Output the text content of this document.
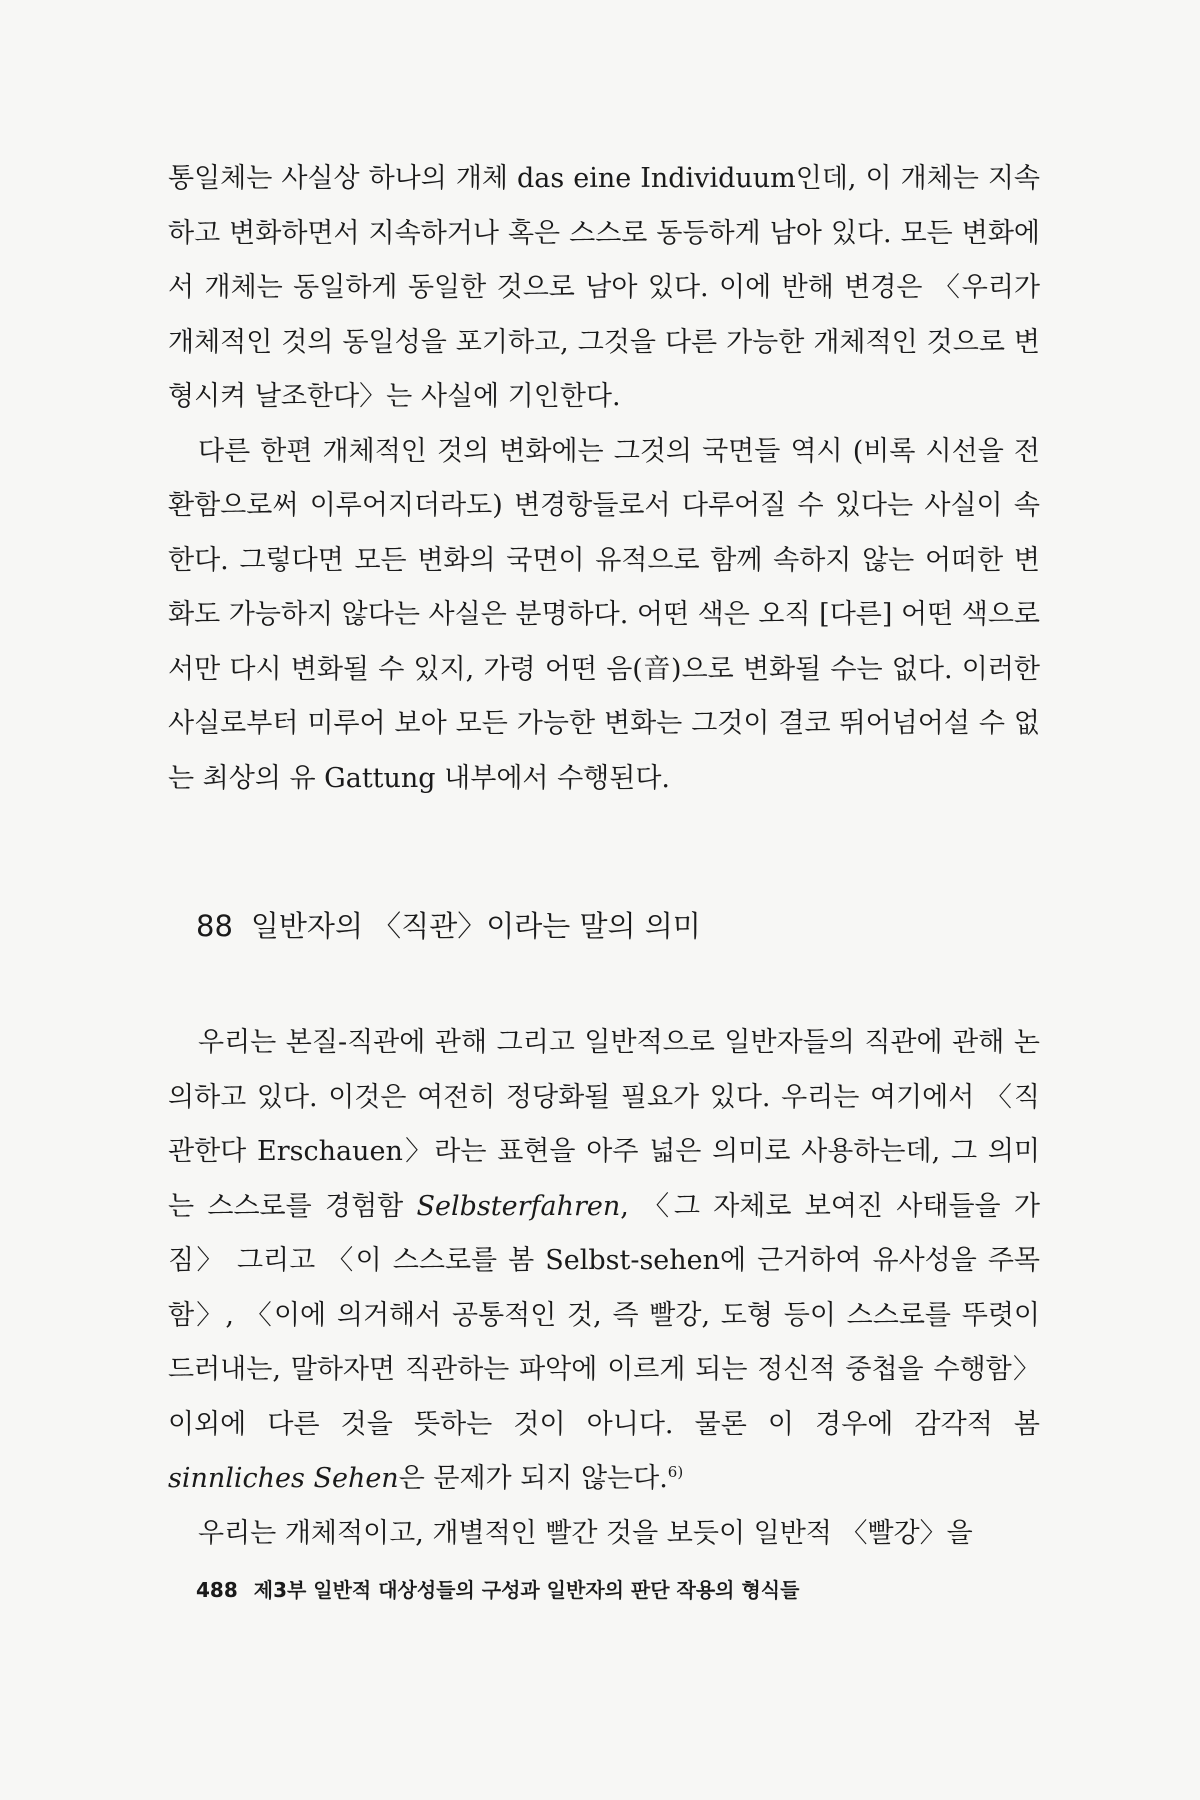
통일체는 사실상 하나의 개체 das eine Individuum인데, 이 개체는 지속하고 변화하면서 지속하거나 혹은 스스로 동등하게 남아 있다. 모든 변화에서 개체는 동일하게 동일한 것으로 남아 있다. 이에 반해 변경은 〈우리가 개체적인 것의 동일성을 포기하고, 그것을 다른 가능한 개체적인 것으로 변형시켜 날조한다〉는 사실에 기인한다.

다른 한편 개체적인 것의 변화에는 그것의 국면들 역시 (비록 시선을 전환함으로써 이루어지더라도) 변경항들로서 다루어질 수 있다는 사실이 속한다. 그렇다면 모든 변화의 국면이 유적으로 함께 속하지 않는 어떠한 변화도 가능하지 않다는 사실은 분명하다. 어떤 색은 오직 [다른] 어떤 색으로서만 다시 변화될 수 있지, 가령 어떤 음(音)으로 변화될 수는 없다. 이러한 사실로부터 미루어 보아 모든 가능한 변화는 그것이 결코 뛰어넘어설 수 없는 최상의 유 Gattung 내부에서 수행된다.

88 일반자의 〈직관〉이라는 말의 의미

우리는 본질-직관에 관해 그리고 일반적으로 일반자들의 직관에 관해 논의하고 있다. 이것은 여전히 정당화될 필요가 있다. 우리는 여기에서 〈직관한다 Erschauen〉라는 표현을 아주 넓은 의미로 사용하는데, 그 의미는 스스로를 경험함 Selbsterfahren, 〈그 자체로 보여진 사태들을 가짐〉 그리고 〈이 스스로를 봄 Selbst-sehen에 근거하여 유사성을 주목함〉, 〈이에 의거해서 공통적인 것, 즉 빨강, 도형 등이 스스로를 뚜렷이 드러내는, 말하자면 직관하는 파악에 이르게 되는 정신적 중첩을 수행함〉 이외에 다른 것을 뜻하는 것이 아니다. 물론 이 경우에 감각적 봄 sinnliches Sehen은 문제가 되지 않는다.$^{6)}$

우리는 개체적이고, 개별적인 빨간 것을 보듯이 일반적 〈빨강〉을

488 제3부 일반적 대상성들의 구성과 일반자의 판단 작용의 형식들
